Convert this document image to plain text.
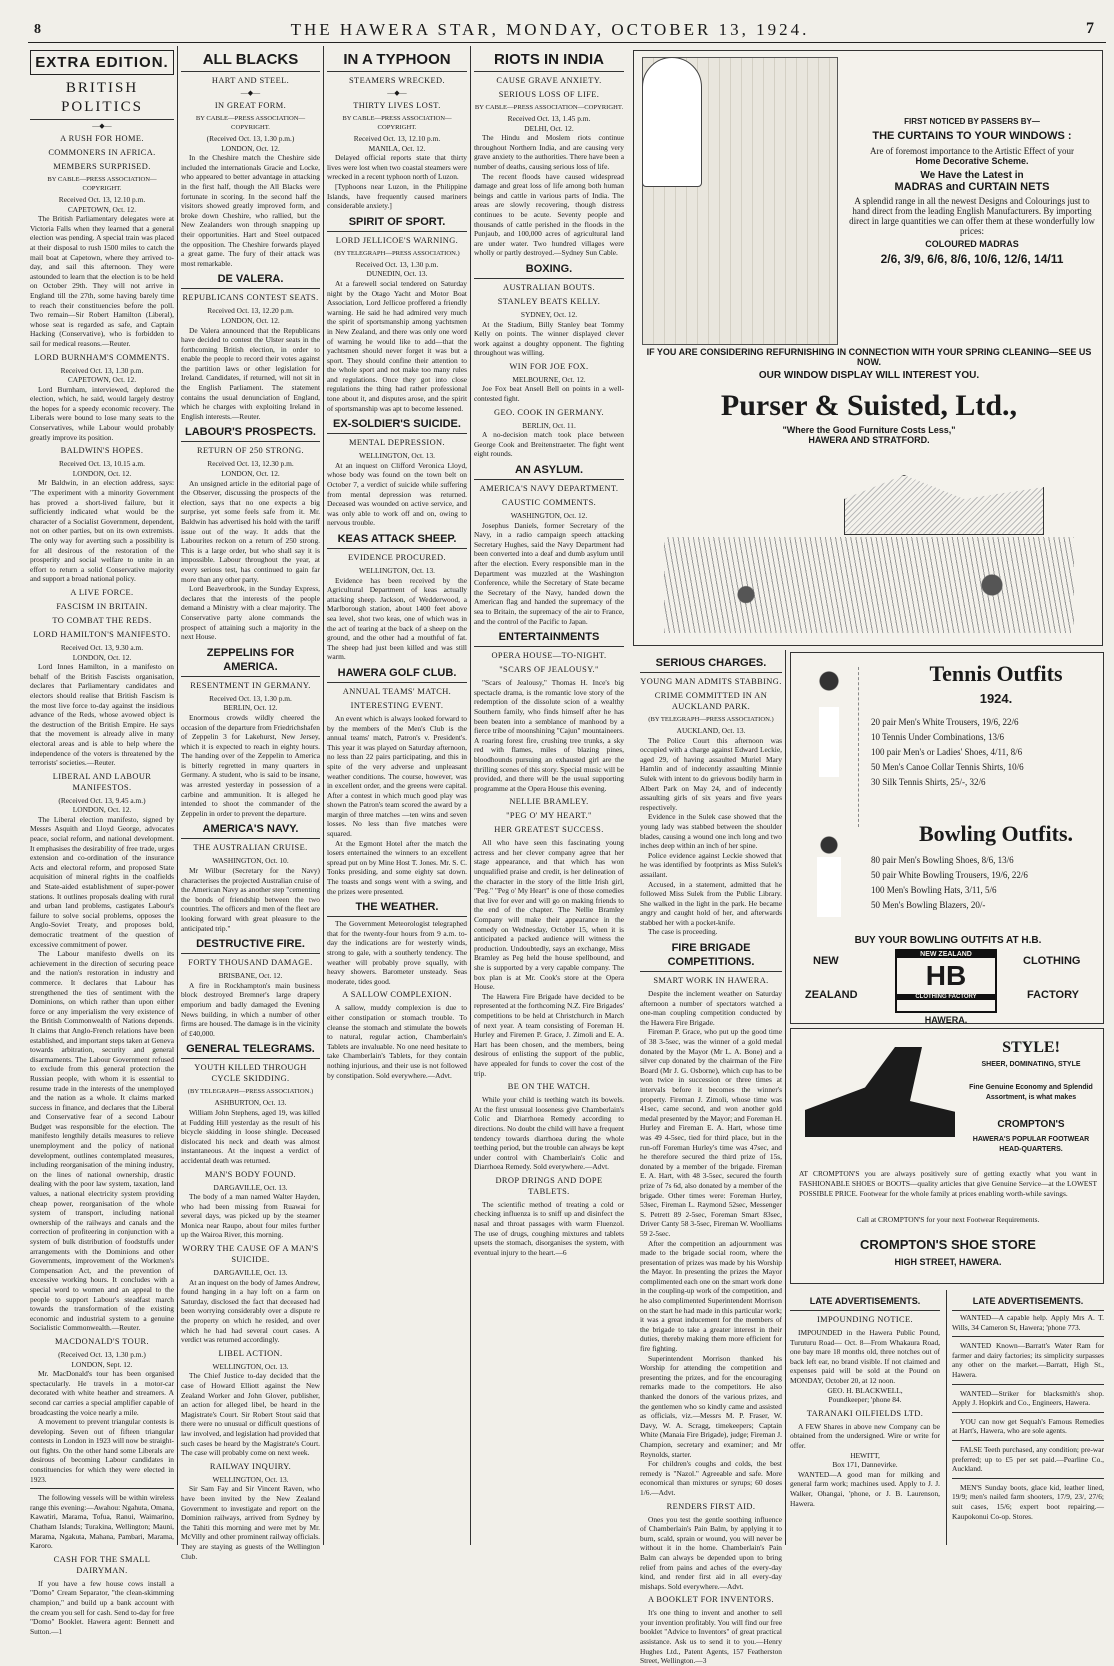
8	THE HAWERA STAR, MONDAY, OCTOBER 13, 1924.	7
EXTRA EDITION.
BRITISH POLITICS
—◆—
A RUSH FOR HOME.
COMMONERS IN AFRICA.
MEMBERS SURPRISED.
BY CABLE—PRESS ASSOCIATION—COPYRIGHT.
Received Oct. 13, 12.10 p.m.
CAPETOWN, Oct. 12.

The British Parliamentary delegates were at Victoria Falls when they learned that a general election was pending. A special train was placed at their disposal to rush 1500 miles to catch the mail boat at Capetown, where they arrived to-day, and sail this afternoon. They were astounded to learn that the election is to be held on October 29th. They will not arrive in England till the 27th, some having barely time to reach their constituencies before the poll. Two remain—Sir Robert Hamilton (Liberal), whose seat is regarded as safe, and Captain Hacking (Conservative), who is forbidden to sail for medical reasons.—Reuter.

LORD BURNHAM'S COMMENTS.
Received Oct. 13, 1.30 p.m.
CAPETOWN, Oct. 12.

Lord Burnham, interviewed, deplored the election, which, he said, would largely destroy the hopes for a speedy economic recovery. The Liberals were bound to lose many seats to the Conservatives, while Labour would probably greatly improve its position.

BALDWIN'S HOPES.
Received Oct. 13, 10.15 a.m.
LONDON, Oct. 12.

Mr Baldwin, in an election address, says: "The experiment with a minority Government has proved a short-lived failure, but it sufficiently indicated what would be the character of a Socialist Government, dependent, not on other parties, but on its own extremists. The only way for averting such a possibility is for all desirous of the restoration of the prosperity and social welfare to unite in an effort to return a solid Conservative majority and support a broad national policy.

A LIVE FORCE.
FASCISM IN BRITAIN.
TO COMBAT THE REDS.
LORD HAMILTON'S MANIFESTO.
Received Oct. 13, 9.30 a.m.
LONDON, Oct. 12.

Lord Innes Hamilton, in a manifesto on behalf of the British Fascists organisation, declares that Parliamentary candidates and electors should realise that British Fascism is the most live force to-day against the insidious advance of the Reds, whose avowed object is the destruction of the British Empire. He says that the movement is already alive in many electoral areas and is able to help where the independence of the voters is threatened by the terrorists' societies.—Reuter.

LIBERAL AND LABOUR MANIFESTOS.
(Received Oct. 13, 9.45 a.m.)
LONDON, Oct. 12.

The Liberal election manifesto, signed by Messrs Asquith and Lloyd George, advocates peace, social reform, and national development. It emphasises the desirability of free trade, urges extension and co-ordination of the insurance Acts and electoral reform, and proposed State acquisition of mineral rights in the coalfields and State-aided establishment of super-power stations. It outlines proposals dealing with rural and urban land problems, castigates Labour's failure to solve social problems, opposes the Anglo-Soviet Treaty, and proposes bold, democratic treatment of the question of excessive commitment of power.

The Labour manifesto dwells on its achievement in the direction of securing peace and the nation's restoration in industry and commerce. It declares that Labour has strengthened the ties of sentiment with the Dominions, on which rather than upon either force or any imperialism the very existence of the British Commonwealth of Nations depends. It claims that Anglo-French relations have been established, and important steps taken at Geneva towards arbitration, security and general disarmaments. The Labour Government refused to exclude from this general protection the Russian people, with whom it is essential to resume trade in the interests of the unemployed and the nation as a whole. It claims marked success in finance, and declares that the Liberal and Conservative fear of a second Labour Budget was responsible for the election. The manifesto lengthily details measures to relieve unemployment and the policy of national development, outlines contemplated measures, including reorganisation of the mining industry, on the lines of national ownership, drastic dealing with the poor law system, taxation, land values, a national electricity system providing cheap power, reorganisation of the whole system of transport, including national ownership of the railways and canals and the correction of profiteering in conjunction with a system of bulk distribution of foodstuffs under arrangements with the Dominions and other Governments, improvement of the Workmen's Compensation Act, and the prevention of excessive working hours. It concludes with a special word to women and an appeal to the people to support Labour's steadfast march towards the transformation of the existing economic and industrial system to a genuine Socialistic Commonwealth.—Reuter.

MACDONALD'S TOUR.
(Received Oct. 13, 1.30 p.m.)
LONDON, Sept. 12.

Mr. MacDonald's tour has been organised spectacularly. He travels in a motor-car decorated with white heather and streamers. A second car carries a special amplifier capable of broadcasting the voice nearly a mile.

A movement to prevent triangular contests is developing. Seven out of fifteen triangular contests in London in 1923 will now be straight-out fights. On the other hand some Liberals are desirous of becoming Labour candidates in constituencies for which they were elected in 1923.

The following vessels will be within wireless range this evening:—Awahou: Ngahuta, Omana, Kawatiri, Marama, Tofua, Ranui, Waimarino, Chatham Islands; Turakina, Wellington; Mauni, Marama, Ngakuta, Mahana, Pambari, Marama, Karoro.

CASH FOR THE SMALL DAIRYMAN.

If you have a few house cows install a "Domo" Cream Separator, "the clean-skimming champion," and build up a bank account with the cream you sell for cash. Send to-day for free "Domo" Booklet. Hawera agent: Bennett and Sutton.—1

ALL BLACKS
HART AND STEEL.
—◆—
IN GREAT FORM.
BY CABLE—PRESS ASSOCIATION—COPYRIGHT.
(Received Oct. 13, 1.30 p.m.)
LONDON, Oct. 12.

In the Cheshire match the Cheshire side included the internationals Gracie and Locke, who appeared to better advantage in attacking in the first half, though the All Blacks were fortunate in scoring. In the second half the visitors showed greatly improved form, and broke down Cheshire, who rallied, but the New Zealanders won through snapping up their opportunities. Hart and Steel outpaced the opposition. The Cheshire forwards played a great game. The fury of their attack was most remarkable.

DE VALERA.
REPUBLICANS CONTEST SEATS.
Received Oct. 13, 12.20 p.m.
LONDON, Oct. 12.

De Valera announced that the Republicans have decided to contest the Ulster seats in the forthcoming British election, in order to enable the people to record their votes against the partition laws or other legislation for Ireland. Candidates, if returned, will not sit in the English Parliament. The statement contains the usual denunciation of England, which he charges with exploiting Ireland in English interests.—Reuter.

LABOUR'S PROSPECTS.
RETURN OF 250 STRONG.
Received Oct. 13, 12.30 p.m.
LONDON, Oct. 12.

An unsigned article in the editorial page of the Observer, discussing the prospects of the election, says that no one expects a big surprise, yet some feels safe from it. Mr. Baldwin has advertised his hold with the tariff issue out of the way. It adds that the Labourites reckon on a return of 250 strong. This is a large order, but who shall say it is impossible. Labour throughout the year, at every serious test, has continued to gain far more than any other party.

Lord Beaverbrook, in the Sunday Express, declares that the interests of the people demand a Ministry with a clear majority. The Conservative party alone commands the prospect of attaining such a majority in the next House.

ZEPPELINS FOR AMERICA.
RESENTMENT IN GERMANY.
Received Oct. 13, 1.30 p.m.
BERLIN, Oct. 12.

Enormous crowds wildly cheered the occasion of the departure from Friedrichshafen of Zeppelin 3 for Lakehurst, New Jersey, which it is expected to reach in eighty hours. The handing over of the Zeppelin to America is bitterly regretted in many quarters in Germany. A student, who is said to be insane, was arrested yesterday in possession of a carbine and ammunition. It is alleged he intended to shoot the commander of the Zeppelin in order to prevent the departure.

AMERICA'S NAVY.
THE AUSTRALIAN CRUISE.
WASHINGTON, Oct. 10.

Mr Wilbur (Secretary for the Navy) characterises the projected Australian cruise of the American Navy as another step "cementing the bonds of friendship between the two countries. The officers and men of the fleet are looking forward with great pleasure to the anticipated trip."

DESTRUCTIVE FIRE.
FORTY THOUSAND DAMAGE.
BRISBANE, Oct. 12.

A fire in Rockhampton's main business block destroyed Bremner's large drapery emporium and badly damaged the Evening News building, in which a number of other firms are housed. The damage is in the vicinity of £40,000.

GENERAL TELEGRAMS.
YOUTH KILLED THROUGH CYCLE SKIDDING.
(BY TELEGRAPH—PRESS ASSOCIATION.)
ASHBURTON, Oct. 13.

William John Stephens, aged 19, was killed at Fudding Hill yesterday as the result of his bicycle skidding in loose shingle. Deceased dislocated his neck and death was almost instantaneous. At the inquest a verdict of accidental death was returned.

MAN'S BODY FOUND.
DARGAVILLE, Oct. 13.

The body of a man named Walter Hayden, who had been missing from Ruawai for several days, was picked up by the steamer Monica near Raupo, about four miles further up the Wairoa River, this morning.

WORRY THE CAUSE OF A MAN'S SUICIDE.
DARGAVILLE, Oct. 13.

At an inquest on the body of James Andrew, found hanging in a hay loft on a farm on Saturday, disclosed the fact that deceased had been worrying considerably over a dispute re the property on which he resided, and over which he had had several court cases. A verdict was returned accordingly.

LIBEL ACTION.
WELLINGTON, Oct. 13.

The Chief Justice to-day decided that the case of Howard Elliott against the New Zealand Worker and John Glover, publisher, an action for alleged libel, be heard in the Magistrate's Court. Sir Robert Stout said that there were no unusual or difficult questions of law involved, and legislation had provided that such cases be heard by the Magistrate's Court. The case will probably come on next week.

RAILWAY INQUIRY.
WELLINGTON, Oct. 13.

Sir Sam Fay and Sir Vincent Raven, who have been invited by the New Zealand Government to investigate and report on the Dominion railways, arrived from Sydney by the Tahiti this morning and were met by Mr. McVilly and other prominent railway officials. They are staying as guests of the Wellington Club.

IN A TYPHOON
STEAMERS WRECKED.
—◆—
THIRTY LIVES LOST.
BY CABLE—PRESS ASSOCIATION—COPYRIGHT.
Received Oct. 13, 12.10 p.m.
MANILA, Oct. 12.

Delayed official reports state that thirty lives were lost when two coastal steamers were wrecked in a recent typhoon north of Luzon.

[Typhoons near Luzon, in the Philippine Islands, have frequently caused mariners considerable anxiety.]

SPIRIT OF SPORT.
LORD JELLICOE'S WARNING.
(BY TELEGRAPH—PRESS ASSOCIATION.)
Received Oct. 13, 1.30 p.m.
DUNEDIN, Oct. 13.

At a farewell social tendered on Saturday night by the Otago Yacht and Motor Boat Association, Lord Jellicoe proffered a friendly warning. He said he had admired very much the spirit of sportsmanship among yachtsmen in New Zealand, and there was only one word of warning he would like to add—that the yachtsmen should never forget it was but a sport. They should confine their attention to the whole sport and not make too many rules and regulations. Once they got into close regulations the thing had rather professional tone about it, and disputes arose, and the spirit of sportsmanship was apt to become lessened.

EX-SOLDIER'S SUICIDE.
MENTAL DEPRESSION.
WELLINGTON, Oct. 13.

At an inquest on Clifford Veronica Lloyd, whose body was found on the town belt on October 7, a verdict of suicide while suffering from mental depression was returned. Deceased was wounded on active service, and was only able to work off and on, owing to nervous trouble.

KEAS ATTACK SHEEP.
EVIDENCE PROCURED.
WELLINGTON, Oct. 13.

Evidence has been received by the Agricultural Department of keas actually attacking sheep. Jackson, of Wedderwood, a Marlborough station, about 1400 feet above sea level, shot two keas, one of which was in the act of tearing at the back of a sheep on the ground, and the other had a mouthful of fat. The sheep had just been killed and was still warm.

HAWERA GOLF CLUB.
ANNUAL TEAMS' MATCH.
INTERESTING EVENT.

An event which is always looked forward to by the members of the Men's Club is the annual teams' match, Patron's v. President's. This year it was played on Saturday afternoon, no less than 22 pairs participating, and this in spite of the very adverse and unpleasant weather conditions. The course, however, was in excellent order, and the greens were capital. After a contest in which much good play was shown the Patron's team scored the award by a margin of three matches —ten wins and seven losses. No less than five matches were squared.

At the Egmont Hotel after the match the losers entertained the winners to an excellent spread put on by Mine Host T. Jones. Mr. S. C. Tonks presiding, and some eighty sat down. The toasts and songs went with a swing, and the prizes were presented.

THE WEATHER.

The Government Meteorologist telegraphed that for the twenty-four hours from 9 a.m. to-day the indications are for westerly winds, strong to gale, with a southerly tendency. The weather will probably prove squally, with heavy showers. Barometer unsteady. Seas moderate, tides good.

A SALLOW COMPLEXION.

A sallow, muddy complexion is due to either constipation or stomach trouble. To cleanse the stomach and stimulate the bowels to natural, regular action, Chamberlain's Tablets are invaluable. No one need hesitate to take Chamberlain's Tablets, for they contain nothing injurious, and their use is not followed by constipation. Sold everywhere.—Advt.

RIOTS IN INDIA
CAUSE GRAVE ANXIETY.
SERIOUS LOSS OF LIFE.
BY CABLE—PRESS ASSOCIATION—COPYRIGHT.
Received Oct. 13, 1.45 p.m.
DELHI, Oct. 12.

The Hindu and Moslem riots continue throughout Northern India, and are causing very grave anxiety to the authorities. There have been a number of deaths, causing serious loss of life.

The recent floods have caused widespread damage and great loss of life among both human beings and cattle in various parts of India. The areas are slowly recovering, though distress continues to be acute. Seventy people and thousands of cattle perished in the floods in the Punjaub, and 100,000 acres of agricultural land are under water. Two hundred villages were wholly or partly destroyed.—Sydney Sun Cable.

BOXING.
AUSTRALIAN BOUTS.
STANLEY BEATS KELLY.
SYDNEY, Oct. 12.

At the Stadium, Billy Stanley beat Tommy Kelly on points. The winner displayed clever work against a doughty opponent. The fighting throughout was willing.

WIN FOR JOE FOX.
MELBOURNE, Oct. 12.

Joe Fox beat Ansell Bell on points in a well-contested fight.

GEO. COOK IN GERMANY.
BERLIN, Oct. 11.

A no-decision match took place between George Cook and Breitenstraeter. The fight went eight rounds.

AN ASYLUM.
AMERICA'S NAVY DEPARTMENT.
CAUSTIC COMMENTS.
WASHINGTON, Oct. 12.

Josephus Daniels, former Secretary of the Navy, in a radio campaign speech attacking Secretary Hughes, said the Navy Department had been converted into a deaf and dumb asylum until after the election. Every responsible man in the Department was muzzled at the Washington Conference, while the Secretary of State became the Secretary of the Navy, handed down the American flag and handed the supremacy of the sea to Britain, the supremacy of the air to France, and the control of the Pacific to Japan.

ENTERTAINMENTS
OPERA HOUSE—TO-NIGHT.
"SCARS OF JEALOUSY."

"Scars of Jealousy," Thomas H. Ince's big spectacle drama, is the romantic love story of the redemption of the dissolute scion of a wealthy Southern family, who finds himself after he has been beaten into a semblance of manhood by a fierce tribe of moonshining "Cajun" mountaineers. A roaring forest fire, crushing tree trunks, a sky red with flames, miles of blazing pines, bloodhounds pursuing an exhausted girl are the thrilling scenes of this story. Special music will be provided, and there will be the usual supporting programme at the Opera House this evening.

NELLIE BRAMLEY.
"PEG O' MY HEART."
HER GREATEST SUCCESS.

All who have seen this fascinating young actress and her clever company agree that her stage appearance, and that which has won unqualified praise and credit, is her delineation of the character in the story of the little Irish girl, "Peg." "Peg o' My Heart" is one of those comedies that live for ever and will go on making friends to the end of the chapter. The Nellie Bramley Company will make their appearance in the comedy on Wednesday, October 15, when it is anticipated a packed audience will witness the production. Undoubtedly, says an exchange, Miss Bramley as Peg held the house spellbound, and she is supported by a very capable company. The box plan is at Mr. Cook's store at the Opera House.

The Hawera Fire Brigade have decided to be represented at the forthcoming N.Z. Fire Brigades' competitions to be held at Christchurch in March of next year. A team consisting of Foreman H. Hurley and Firemen P. Grace, J. Zimoli and E. A. Hart has been chosen, and the members, being desirous of enlisting the support of the public, have appealed for funds to cover the cost of the trip.

BE ON THE WATCH.

While your child is teething watch its bowels. At the first unusual looseness give Chamberlain's Colic and Diarrhoea Remedy according to directions. No doubt the child will have a frequent tendency towards diarrhoea during the whole teething period, but the trouble can always be kept under control with Chamberlain's Colic and Diarrhoea Remedy. Sold everywhere.—Advt.

DROP DRINGS AND DOPE TABLETS.

The scientific method of treating a cold or checking influenza is to sniff up and disinfect the nasal and throat passages with warm Fluenzol. The use of drugs, coughing mixtures and tablets upsets the stomach, disorganises the system, with eventual injury to the heart.—6

FIRST NOTICED BY PASSERS BY—
THE CURTAINS TO YOUR WINDOWS :
Are of foremost importance to the Artistic Effect of your
Home Decorative Scheme.
We Have the Latest in
MADRAS and CURTAIN NETS
A splendid range in all the newest Designs and Colourings just to hand direct from the leading English Manufacturers. By importing direct in large quantities we can offer them at these wonderfully low prices:
COLOURED MADRAS
2/6, 3/9, 6/6, 8/6, 10/6, 12/6, 14/11
IF YOU ARE CONSIDERING REFURNISHING IN CONNECTION WITH YOUR SPRING CLEANING—SEE US NOW.
OUR WINDOW DISPLAY WILL INTEREST YOU.
Purser & Suisted, Ltd.,
"Where the Good Furniture Costs Less,"
HAWERA AND STRATFORD.
SERIOUS CHARGES.
YOUNG MAN ADMITS STABBING.
CRIME COMMITTED IN AN AUCKLAND PARK.
(BY TELEGRAPH—PRESS ASSOCIATION.)
AUCKLAND, Oct. 13.

The Police Court this afternoon was occupied with a charge against Edward Leckie, aged 29, of having assaulted Muriel Mary Hamlin and of indecently assaulting Minnie Sulek with intent to do grievous bodily harm in Albert Park on May 24, and of indecently assaulting girls of six years and five years respectively.

Evidence in the Sulek case showed that the young lady was stabbed between the shoulder blades, causing a wound one inch long and two inches deep within an inch of her spine.

Police evidence against Leckie showed that he was identified by footprints as Miss Sulek's assailant.

Accused, in a statement, admitted that he followed Miss Sulek from the Public Library. She walked in the light in the park. He became angry and caught hold of her, and afterwards stabbed her with a pocket-knife.

The case is proceeding.

FIRE BRIGADE COMPETITIONS.
SMART WORK IN HAWERA.

Despite the inclement weather on Saturday afternoon a number of spectators watched a one-man coupling competition conducted by the Hawera Fire Brigade.

Fireman P. Grace, who put up the good time of 38 3-5sec, was the winner of a gold medal donated by the Mayor (Mr L. A. Bone) and a silver cup donated by the chairman of the Fire Board (Mr J. G. Osborne), which cup has to be won twice in succession or three times at intervals before it becomes the winner's property. Fireman J. Zimoli, whose time was 41sec, came second, and won another gold medal presented by the Mayor; and Foreman H. Hurley and Fireman E. A. Hart, whose time was 49 4-5sec, tied for third place, but in the run-off Foreman Hurley's time was 47sec, and he therefore secured the third prize of 15s, donated by a member of the brigade. Fireman E. A. Hart, with 48 3-5sec, secured the fourth prize of 7s 6d, also donated by a member of the brigade. Other times were: Foreman Hurley, 53sec, Fireman L. Raymond 52sec, Messenger S. Petrett 89 2-5sec, Foreman Smart 83sec, Driver Canty 58 3-5sec, Fireman W. Woolliams 59 2-5sec.

After the competition an adjournment was made to the brigade social room, where the presentation of prizes was made by his Worship the Mayor. In presenting the prizes the Mayor complimented each one on the smart work done in the coupling-up work of the competition, and he also complimented Superintendent Morrison on the start he had made in this particular work; it was a great inducement for the members of the brigade to take a greater interest in their duties, thereby making them more efficient for fire fighting.

Superintendent Morrison thanked his Worship for attending the competition and presenting the prizes, and for the encouraging remarks made to the competitors. He also thanked the donors of the various prizes, and the gentlemen who so kindly came and assisted as officials, viz.—Messrs M. P. Fraser, W. Davy, W. A. Scragg, timekeepers; Captain White (Manaia Fire Brigade), judge; Fireman J. Champion, secretary and examiner; and Mr Reynolds, starter.

For children's coughs and colds, the best remedy is "Nazol." Agreeable and safe. More economical than mixtures or syrups; 60 doses 1/6.—Advt.

RENDERS FIRST AID.

Ones you test the gentle soothing influence of Chamberlain's Pain Balm, by applying it to burn, scald, sprain or wound, you will never be without it in the home. Chamberlain's Pain Balm can always be depended upon to bring relief from pains and aches of the every-day kind, and render first aid in all every-day mishaps. Sold everywhere.—Advt.

A BOOKLET FOR INVENTORS.

It's one thing to invent and another to sell your invention profitably. You will find our free booklet "Advice to Inventors" of great practical assistance. Ask us to send it to you.—Henry Hughes Ltd., Patent Agents, 157 Featherston Street, Wellington.—3

Tennis Outfits
1924.
20 pair Men's White Trousers, 19/6, 22/6
10 Tennis Under Combinations, 13/6
100 pair Men's or Ladies' Shoes, 4/11, 8/6
50 Men's Canoe Collar Tennis Shirts, 10/6
30 Silk Tennis Shirts, 25/-, 32/6
Bowling Outfits.
80 pair Men's Bowling Shoes, 8/6, 13/6
50 pair White Bowling Trousers, 19/6, 22/6
100 Men's Bowling Hats, 3/11, 5/6
50 Men's Bowling Blazers, 20/-
BUY YOUR BOWLING OUTFITS AT H.B.
NEW
ZEALAND
NEW ZEALAND
HB
CLOTHING FACTORY
CLOTHING
FACTORY
HAWERA.
STYLE!
SHEER, DOMINATING, STYLE
Fine Genuine Economy and Splendid Assortment, is what makes
CROMPTON'S
HAWERA'S POPULAR FOOTWEAR HEAD-QUARTERS.
AT CROMPTON'S you are always positively sure of getting exactly what you want in FASHIONABLE SHOES or BOOTS—quality articles that give Genuine Service—at the LOWEST POSSIBLE PRICE. Footwear for the whole family at prices enabling worth-while savings.
Call at CROMPTON'S for your next Footwear Requirements.
CROMPTON'S SHOE STORE
HIGH STREET, HAWERA.
LATE ADVERTISEMENTS.
IMPOUNDING NOTICE.

IMPOUNDED in the Hawera Public Pound, Turuturu Road— Oct. 8—From Whakaura Road, one bay mare 18 months old, three notches out of back left ear, no brand visible. If not claimed and expenses paid will be sold at the Pound on MONDAY, October 20, at 12 noon.

GEO. H. BLACKWELL,
Poundkeeper; 'phone 84.
TARANAKI OILFIELDS LTD.

A FEW Shares in above new Company can be obtained from the undersigned. Wire or write for offer.

HEWITT,
Box 171, Dannevirke.

WANTED—A good man for milking and general farm work; machines used. Apply to J. J. Walker, Ohangai, 'phone, or J. B. Laurenson, Hawera.

LATE ADVERTISEMENTS.

WANTED—A capable help. Apply Mrs A. T. Wills, 34 Cameron St, Hawera; 'phone 773.

WANTED Known—Barratt's Water Ram for farmer and dairy factories; its simplicity surpasses any other on the market.—Barratt, High St., Hawera.

WANTED—Striker for blacksmith's shop. Apply J. Hopkirk and Co., Engineers, Hawera.

YOU can now get Sequah's Famous Remedies at Hart's, Hawera, who are sole agents.

FALSE Teeth purchased, any condition; pre-war preferred; up to £5 per set paid.—Pearline Co., Auckland.

MEN'S Sunday boots, glace kid, leather lined, 19/9; men's nailed farm shooters, 17/9, 23/, 27/6; suit cases, 15/6; expert boot repairing.—Kaupokonui Co-op. Stores.
